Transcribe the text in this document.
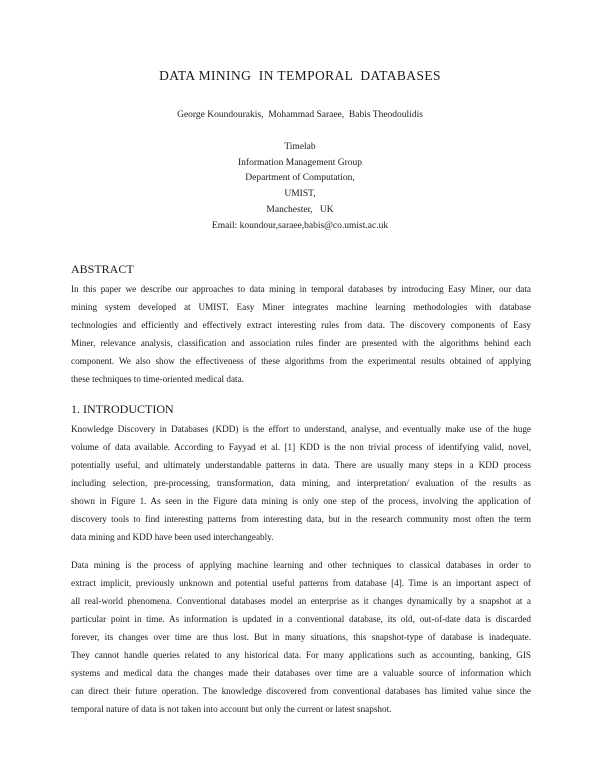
DATA MINING  IN TEMPORAL  DATABASES
George Koundourakis,  Mohammad Saraee,  Babis Theodoulidis
Timelab
Information Management Group
Department of Computation,
UMIST,
Manchester,   UK
Email: koundour,saraee,babis@co.umist.ac.uk
ABSTRACT
In this paper we describe our approaches to data mining in temporal databases by introducing Easy Miner, our data
mining system developed at UMIST. Easy Miner integrates machine learning methodologies with database
technologies and efficiently and effectively extract interesting rules from data. The discovery components of Easy
Miner, relevance analysis, classification and association rules finder are presented with the algorithms behind each
component. We also show the effectiveness of these algorithms from the experimental results obtained of applying
these techniques to time-oriented medical data.
1. INTRODUCTION
Knowledge Discovery in Databases (KDD) is the effort to understand, analyse, and eventually make use of the huge
volume of data available. According to Fayyad et al. [1] KDD is the non trivial process of identifying valid, novel,
potentially useful, and ultimately understandable patterns in data. There are usually many steps in a KDD process
including selection, pre-processing, transformation, data mining, and interpretation/ evaluation of the results as
shown in Figure 1. As seen in the Figure data mining is only one step of the process, involving the application of
discovery tools to find interesting patterns from interesting data, but in the research community most often the term
data mining and KDD have been used interchangeably.
Data mining is the process of applying machine learning and other techniques to classical databases in order to
extract implicit, previously unknown and potential useful patterns from database [4]. Time is an important aspect of
all real-world phenomena. Conventional databases model an enterprise as it changes dynamically by a snapshot at a
particular point in time. As information is updated in a conventional database, its old, out-of-date data is discarded
forever, its changes over time are thus lost. But in many situations, this snapshot-type of database is inadequate.
They cannot handle queries related to any historical data. For many applications such as accounting, banking, GIS
systems and medical data the changes made their databases over time are a valuable source of information which
can direct their future operation. The knowledge discovered from conventional databases has limited value since the
temporal nature of data is not taken into account but only the current or latest snapshot.
